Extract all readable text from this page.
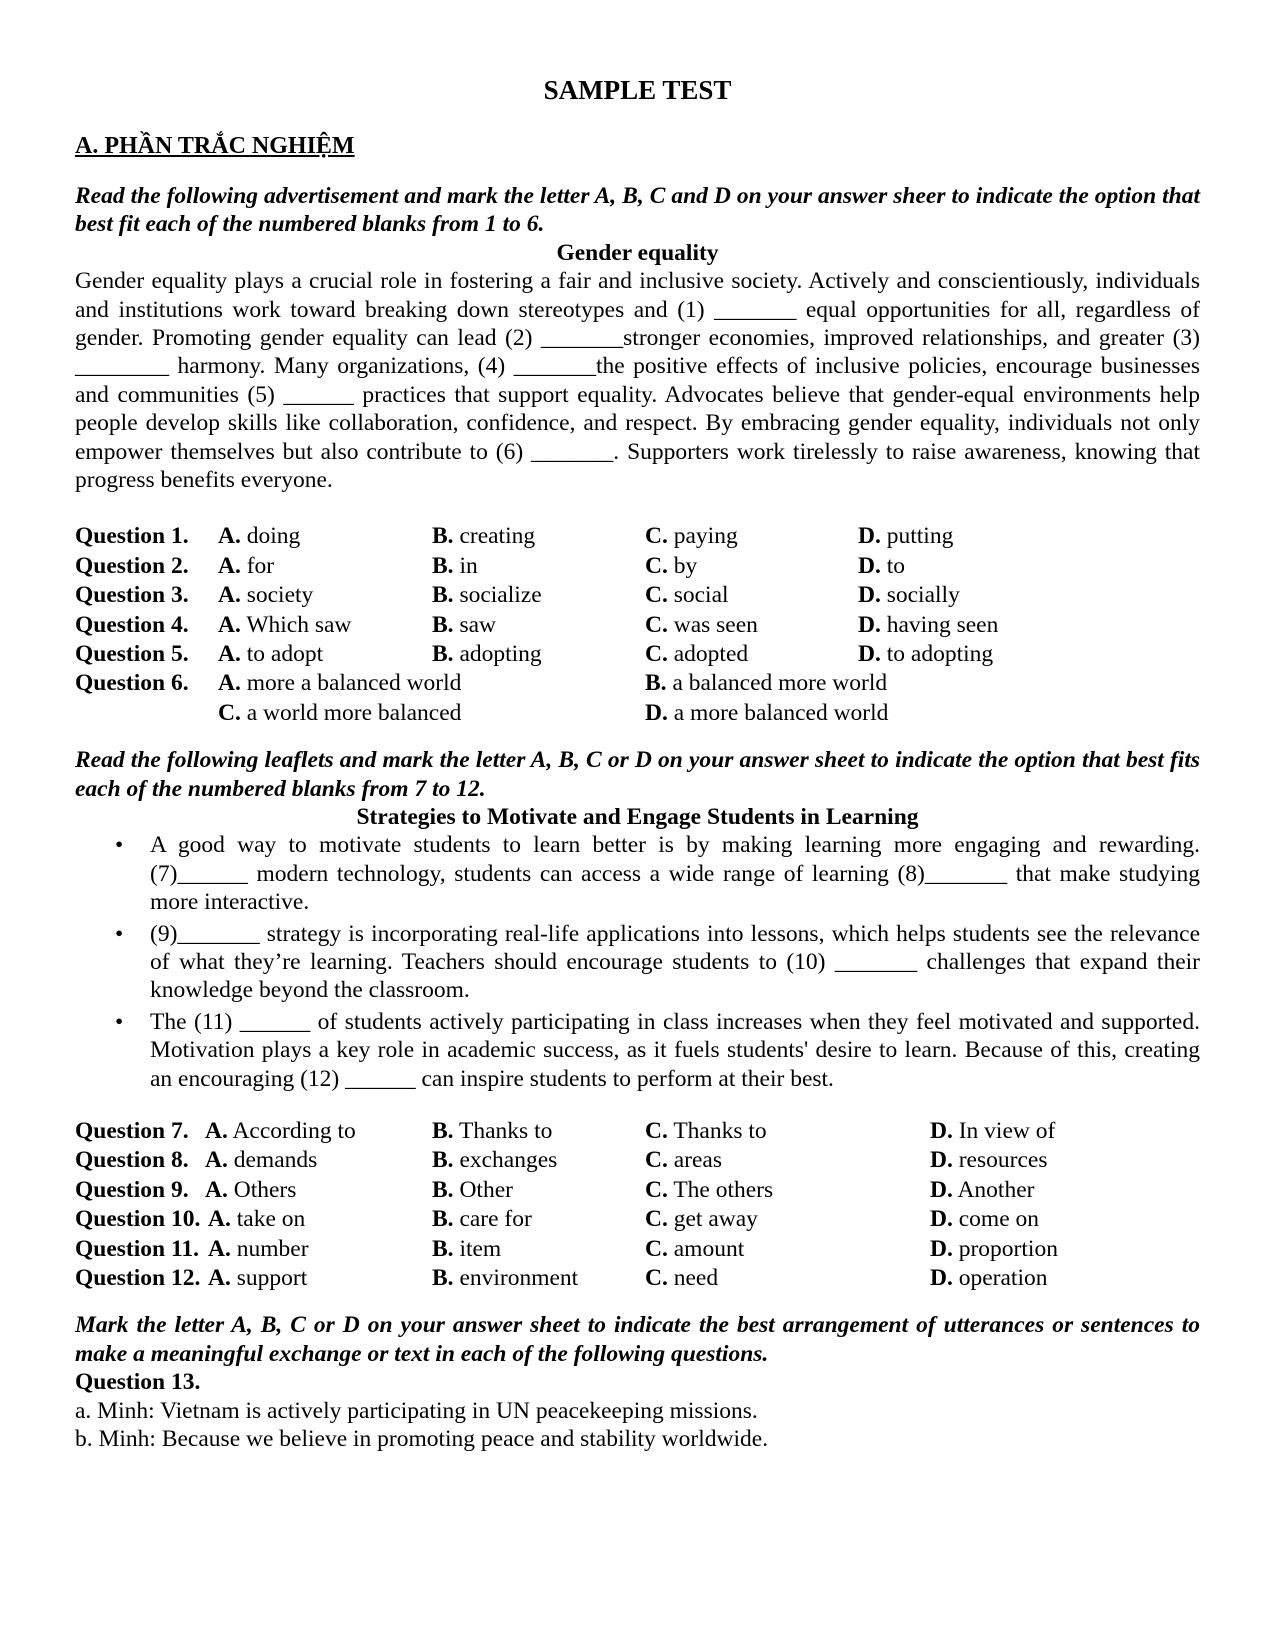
SAMPLE TEST

A. PHẦN TRẮC NGHIỆM

Read the following advertisement and mark the letter A, B, C and D on your answer sheer to indicate the option that best fit each of the numbered blanks from 1 to 6.

Gender equality

Gender equality plays a crucial role in fostering a fair and inclusive society. Actively and conscientiously, individuals and institutions work toward breaking down stereotypes and (1) _______ equal opportunities for all, regardless of gender. Promoting gender equality can lead (2) _______stronger economies, improved relationships, and greater (3) ________ harmony. Many organizations, (4) _______the positive effects of inclusive policies, encourage businesses and communities (5) ______ practices that support equality. Advocates believe that gender-equal environments help people develop skills like collaboration, confidence, and respect. By embracing gender equality, individuals not only empower themselves but also contribute to (6) _______. Supporters work tirelessly to raise awareness, knowing that progress benefits everyone.

Question 1. A. doing	B. creating	C. paying	D. putting
Question 2. A. for	B. in	C. by	D. to
Question 3. A. society	B. socialize	C. social	D. socially
Question 4. A. Which saw	B. saw	C. was seen	D. having seen
Question 5. A. to adopt	B. adopting	C. adopted	D. to adopting
Question 6. A. more a balanced world	B. a balanced more world
C. a world more balanced	D. a more balanced world

Read the following leaflets and mark the letter A, B, C or D on your answer sheet to indicate the option that best fits each of the numbered blanks from 7 to 12.

Strategies to Motivate and Engage Students in Learning

• A good way to motivate students to learn better is by making learning more engaging and rewarding. (7)______ modern technology, students can access a wide range of learning (8)_______ that make studying more interactive.
• (9)_______ strategy is incorporating real-life applications into lessons, which helps students see the relevance of what they’re learning. Teachers should encourage students to (10) _______ challenges that expand their knowledge beyond the classroom.
• The (11) ______ of students actively participating in class increases when they feel motivated and supported. Motivation plays a key role in academic success, as it fuels students' desire to learn. Because of this, creating an encouraging (12) ______ can inspire students to perform at their best.
Question 7. A. According to	B. Thanks to	C. Thanks to	D. In view of
Question 8. A. demands	B. exchanges	C. areas	D. resources
Question 9. A. Others	B. Other	C. The others	D. Another
Question 10. A. take on	B. care for	C. get away	D. come on
Question 11. A. number	B. item	C. amount	D. proportion
Question 12. A. support	B. environment	C. need	D. operation

Mark the letter A, B, C or D on your answer sheet to indicate the best arrangement of utterances or sentences to make a meaningful exchange or text in each of the following questions.

Question 13.

a. Minh: Vietnam is actively participating in UN peacekeeping missions.

b. Minh: Because we believe in promoting peace and stability worldwide.
